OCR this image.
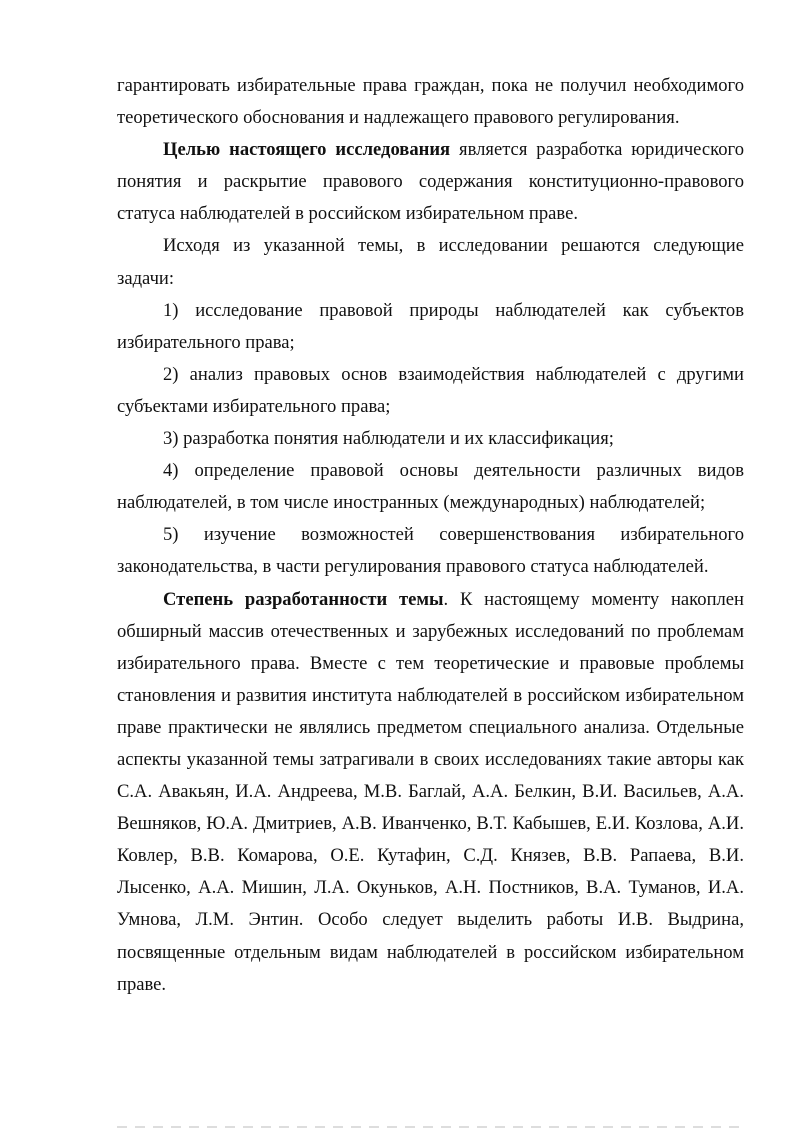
гарантировать избирательные права граждан, пока не получил необходимого теоретического обоснования и надлежащего правового регулирования.

Целью настоящего исследования является разработка юридического понятия и раскрытие правового содержания конституционно-правового статуса наблюдателей в российском избирательном праве.

Исходя из указанной темы, в исследовании решаются следующие задачи:

1) исследование правовой природы наблюдателей как субъектов избирательного права;

2) анализ правовых основ взаимодействия наблюдателей с другими субъектами избирательного права;

3) разработка понятия наблюдатели и их классификация;

4) определение правовой основы деятельности различных видов наблюдателей, в том числе иностранных (международных) наблюдателей;

5) изучение возможностей совершенствования избирательного законодательства, в части регулирования правового статуса наблюдателей.

Степень разработанности темы. К настоящему моменту накоплен обширный массив отечественных и зарубежных исследований по проблемам избирательного права. Вместе с тем теоретические и правовые проблемы становления и развития института наблюдателей в российском избирательном праве практически не являлись предметом специального анализа. Отдельные аспекты указанной темы затрагивали в своих исследованиях такие авторы как С.А. Авакьян, И.А. Андреева, М.В. Баглай, А.А. Белкин, В.И. Васильев, А.А. Вешняков, Ю.А. Дмитриев, А.В. Иванченко, В.Т. Кабышев, Е.И. Козлова, А.И. Ковлер, В.В. Комарова, О.Е. Кутафин, С.Д. Князев, В.В. Рапаева, В.И. Лысенко, А.А. Мишин, Л.А. Окуньков, А.Н. Постников, В.А. Туманов, И.А. Умнова, Л.М. Энтин. Особо следует выделить работы И.В. Выдрина, посвященные отдельным видам наблюдателей в российском избирательном праве.
